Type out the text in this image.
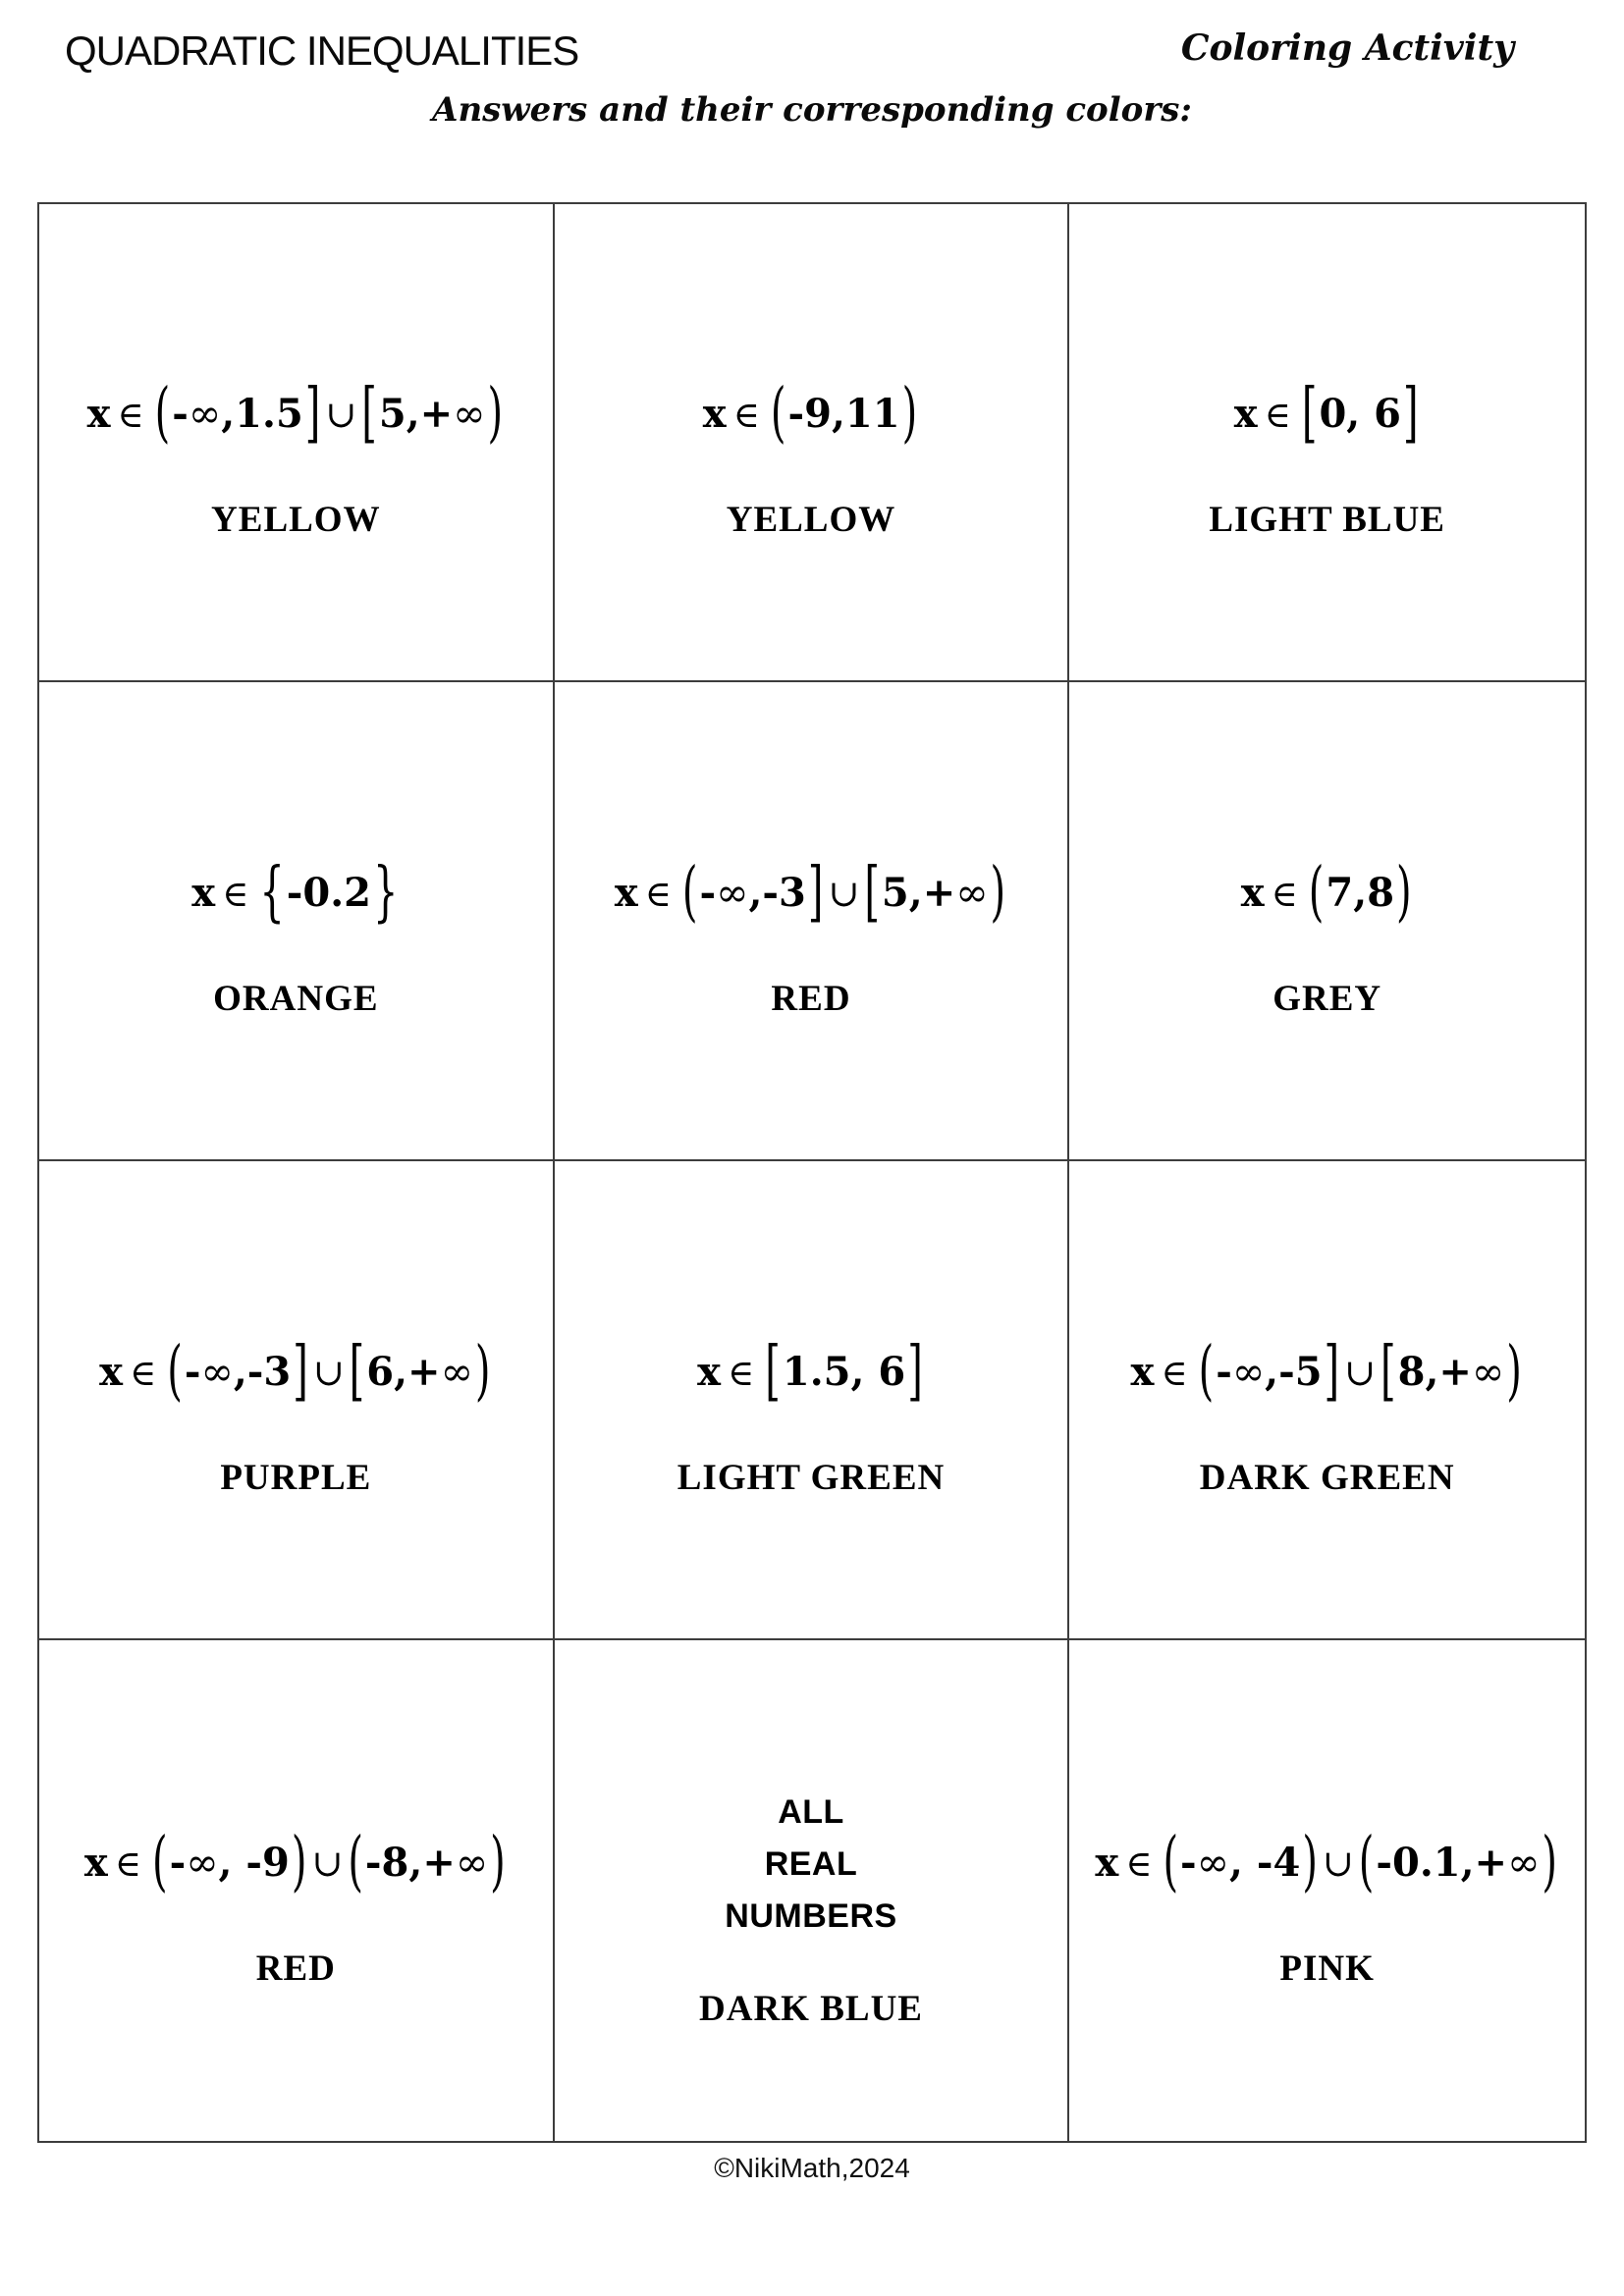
QUADRATIC INEQUALITIES	Coloring Activity
Answers and their corresponding colors:
x ∈ (-∞,1.5] ∪ [5,+∞)
YELLOW
x ∈ (-9,11)
YELLOW
x ∈ [0, 6]
LIGHT BLUE
x ∈ {-0.2}
ORANGE
x ∈ (-∞,-3] ∪ [5,+∞)
RED
x ∈ (7,8)
GREY
x ∈ (-∞,-3] ∪ [6,+∞)
PURPLE
x ∈ [1.5, 6]
LIGHT GREEN
x ∈ (-∞,-5] ∪ [8,+∞)
DARK GREEN
x ∈ (-∞, -9) ∪ (-8,+∞)
RED
ALL
REAL
NUMBERS
DARK BLUE
x ∈ (-∞, -4) ∪ (-0.1,+∞)
PINK
©NikiMath,2024
